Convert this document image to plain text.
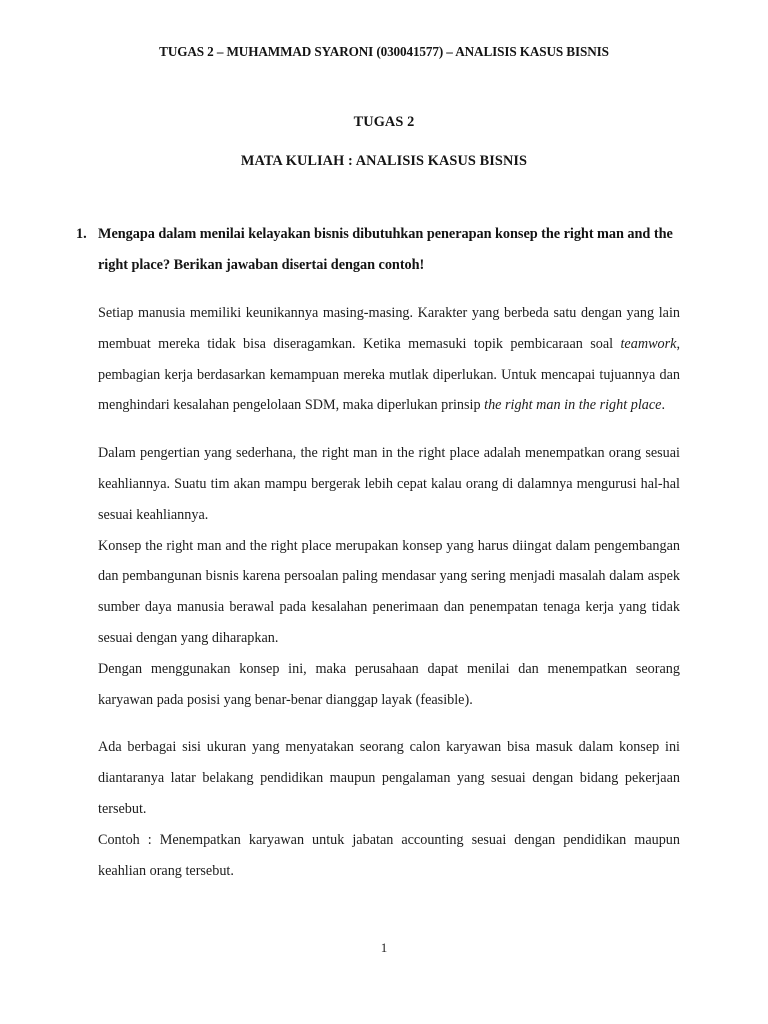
TUGAS 2 – MUHAMMAD SYARONI (030041577) – ANALISIS KASUS BISNIS
TUGAS 2
MATA KULIAH : ANALISIS KASUS BISNIS
1. Mengapa dalam menilai kelayakan bisnis dibutuhkan penerapan konsep the right man and the right place? Berikan jawaban disertai dengan contoh!

Setiap manusia memiliki keunikannya masing-masing. Karakter yang berbeda satu dengan yang lain membuat mereka tidak bisa diseragamkan. Ketika memasuki topik pembicaraan soal teamwork, pembagian kerja berdasarkan kemampuan mereka mutlak diperlukan. Untuk mencapai tujuannya dan menghindari kesalahan pengelolaan SDM, maka diperlukan prinsip the right man in the right place.

Dalam pengertian yang sederhana, the right man in the right place adalah menempatkan orang sesuai keahliannya. Suatu tim akan mampu bergerak lebih cepat kalau orang di dalamnya mengurusi hal-hal sesuai keahliannya.

Konsep the right man and the right place merupakan konsep yang harus diingat dalam pengembangan dan pembangunan bisnis karena persoalan paling mendasar yang sering menjadi masalah dalam aspek sumber daya manusia berawal pada kesalahan penerimaan dan penempatan tenaga kerja yang tidak sesuai dengan yang diharapkan.

Dengan menggunakan konsep ini, maka perusahaan dapat menilai dan menempatkan seorang karyawan pada posisi yang benar-benar dianggap layak (feasible).

Ada berbagai sisi ukuran yang menyatakan seorang calon karyawan bisa masuk dalam konsep ini diantaranya latar belakang pendidikan maupun pengalaman yang sesuai dengan bidang pekerjaan tersebut.

Contoh : Menempatkan karyawan untuk jabatan accounting sesuai dengan pendidikan maupun keahlian orang tersebut.

1
